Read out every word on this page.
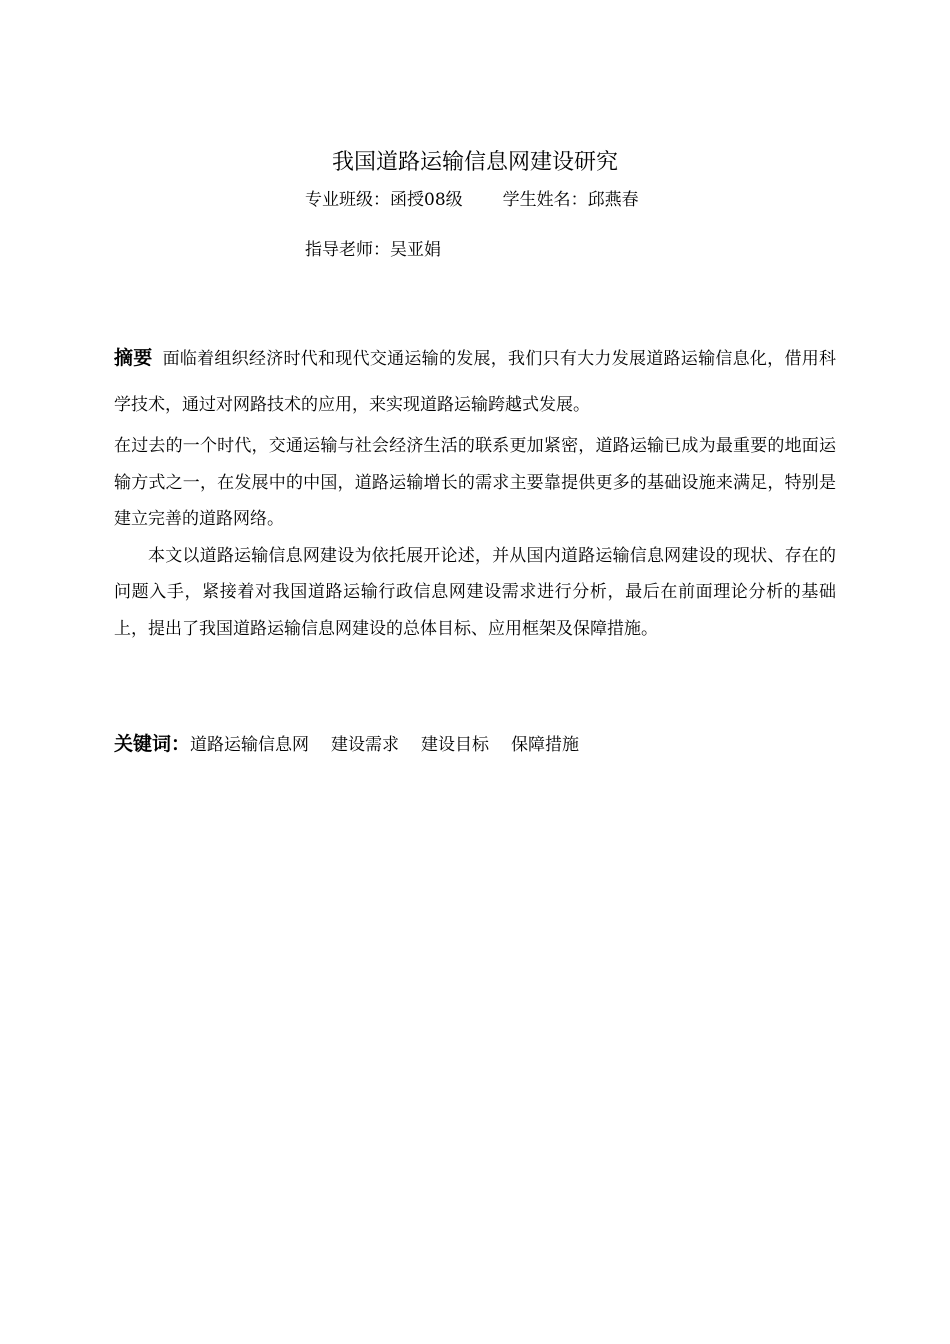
我国道路运输信息网建设研究
专业班级：函授08级 学生姓名：邱燕春
指导老师：吴亚娟

摘要 面临着组织经济时代和现代交通运输的发展，我们只有大力发展道路运输信息化，借用科学技术，通过对网路技术的应用，来实现道路运输跨越式发展。

在过去的一个时代，交通运输与社会经济生活的联系更加紧密，道路运输已成为最重要的地面运输方式之一，在发展中的中国，道路运输增长的需求主要靠提供更多的基础设施来满足，特别是建立完善的道路网络。

本文以道路运输信息网建设为依托展开论述，并从国内道路运输信息网建设的现状、存在的问题入手，紧接着对我国道路运输行政信息网建设需求进行分析，最后在前面理论分析的基础上，提出了我国道路运输信息网建设的总体目标、应用框架及保障措施。

关键词：道路运输信息网 建设需求 建设目标 保障措施
